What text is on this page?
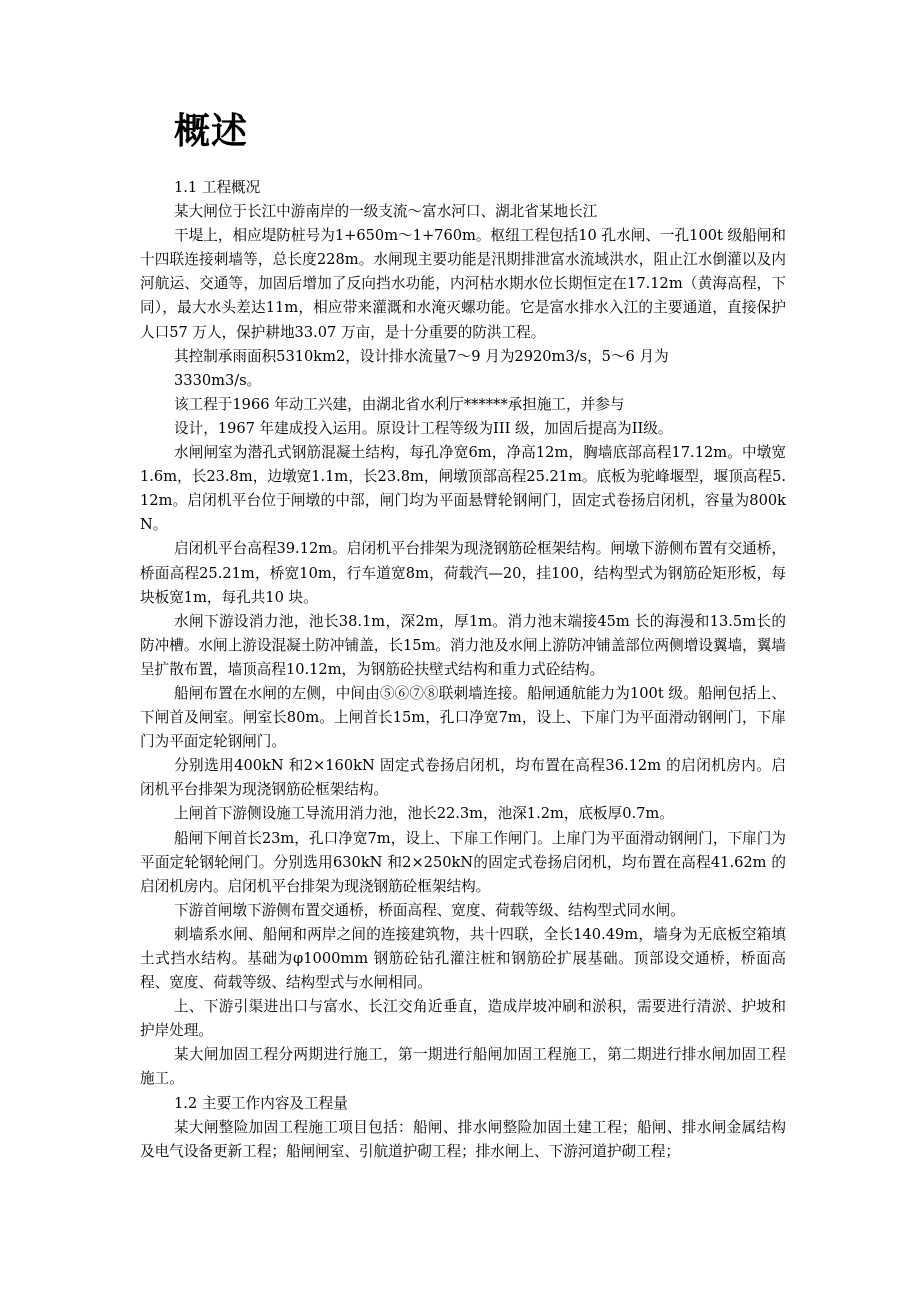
概述

1.1 工程概况

某大闸位于长江中游南岸的一级支流～富水河口、湖北省某地长江
干堤上，相应堤防桩号为1+650m～1+760m。枢纽工程包括10 孔水闸、一孔100t 级船闸和十四联连接刺墙等，总长度228m。水闸现主要功能是汛期排泄富水流域洪水，阻止江水倒灌以及内河航运、交通等，加固后增加了反向挡水功能，内河枯水期水位长期恒定在17.12m（黄海高程，下同），最大水头差达11m，相应带来灌溉和水淹灭螺功能。它是富水排水入江的主要通道，直接保护人口57 万人，保护耕地33.07 万亩，是十分重要的防洪工程。

其控制承雨面积5310km2，设计排水流量7～9 月为2920m3/s，5～6 月为
3330m3/s。

该工程于1966 年动工兴建，由湖北省水利厅******承担施工，并参与
设计，1967 年建成投入运用。原设计工程等级为III 级，加固后提高为II级。

水闸闸室为潜孔式钢筋混凝土结构，每孔净宽6m，净高12m，胸墙底部高程17.12m。中墩宽1.6m，长23.8m，边墩宽1.1m，长23.8m，闸墩顶部高程25.21m。底板为驼峰堰型，堰顶高程5.12m。启闭机平台位于闸墩的中部，闸门均为平面悬臂轮钢闸门，固定式卷扬启闭机，容量为800kN。

启闭机平台高程39.12m。启闭机平台排架为现浇钢筋砼框架结构。闸墩下游侧布置有交通桥，桥面高程25.21m，桥宽10m，行车道宽8m，荷载汽—20，挂100，结构型式为钢筋砼矩形板，每块板宽1m，每孔共10 块。

水闸下游设消力池，池长38.1m，深2m，厚1m。消力池末端接45m 长的海漫和13.5m长的防冲槽。水闸上游设混凝土防冲铺盖，长15m。消力池及水闸上游防冲铺盖部位两侧增设翼墙，翼墙呈扩散布置，墙顶高程10.12m，为钢筋砼扶壁式结构和重力式砼结构。

船闸布置在水闸的左侧，中间由⑤⑥⑦⑧联刺墙连接。船闸通航能力为100t 级。船闸包括上、下闸首及闸室。闸室长80m。上闸首长15m，孔口净宽7m，设上、下扉门为平面滑动钢闸门，下扉门为平面定轮钢闸门。

分别选用400kN 和2×160kN 固定式卷扬启闭机，均布置在高程36.12m 的启闭机房内。启闭机平台排架为现浇钢筋砼框架结构。

上闸首下游侧设施工导流用消力池，池长22.3m，池深1.2m，底板厚0.7m。

船闸下闸首长23m，孔口净宽7m，设上、下扉工作闸门。上扉门为平面滑动钢闸门，下扉门为平面定轮钢轮闸门。分别选用630kN 和2×250kN的固定式卷扬启闭机，均布置在高程41.62m 的启闭机房内。启闭机平台排架为现浇钢筋砼框架结构。

下游首闸墩下游侧布置交通桥，桥面高程、宽度、荷载等级、结构型式同水闸。

刺墙系水闸、船闸和两岸之间的连接建筑物，共十四联，全长140.49m，墙身为无底板空箱填土式挡水结构。基础为φ1000mm 钢筋砼钻孔灌注桩和钢筋砼扩展基础。顶部设交通桥，桥面高程、宽度、荷载等级、结构型式与水闸相同。

上、下游引渠进出口与富水、长江交角近垂直，造成岸坡冲刷和淤积，需要进行清淤、护坡和护岸处理。

某大闸加固工程分两期进行施工，第一期进行船闸加固工程施工，第二期进行排水闸加固工程施工。

1.2 主要工作内容及工程量

某大闸整险加固工程施工项目包括：船闸、排水闸整险加固土建工程；船闸、排水闸金属结构及电气设备更新工程；船闸闸室、引航道护砌工程；排水闸上、下游河道护砌工程；
